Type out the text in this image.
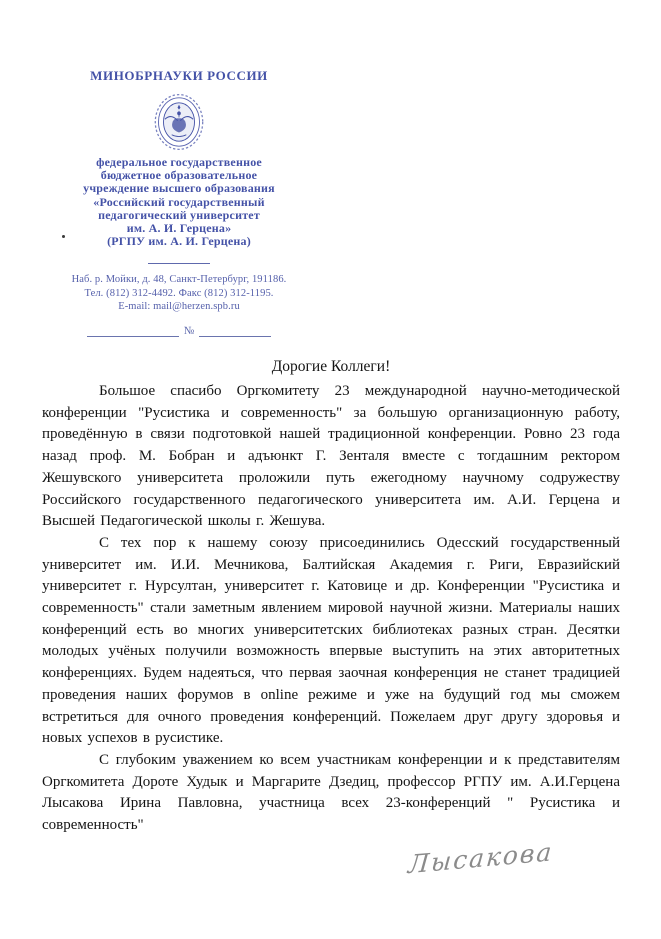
МИНОБРНАУКИ РОССИИ
федеральное государственное
бюджетное образовательное
учреждение высшего образования
«Российский государственный
педагогический университет
им. А. И. Герцена»
(РГПУ им. А. И. Герцена)
Наб. р. Мойки, д. 48, Санкт-Петербург, 191186.
Тел. (812) 312-4492. Факс (812) 312-1195.
E-mail: mail@herzen.spb.ru
№
Дорогие Коллеги!

Большое спасибо Оргкомитету 23 международной научно-методической конференции "Русистика и современность" за большую организационную работу, проведённую в связи подготовкой нашей традиционной конференции. Ровно 23 года назад проф. М. Бобран и адъюнкт Г. Зенталя вместе с тогдашним ректором Жешувского университета проложили путь ежегодному научному содружеству Российского государственного педагогического университета им. А.И. Герцена и Высшей Педагогической школы г. Жешува.

С тех пор к нашему союзу присоединились Одесский государственный университет им. И.И. Мечникова, Балтийская Академия г. Риги, Евразийский университет г. Нурсултан, университет г. Катовице и др. Конференции "Русистика и современность" стали заметным явлением мировой научной жизни. Материалы наших конференций есть во многих университетских библиотеках разных стран. Десятки молодых учёных получили возможность впервые выступить на этих авторитетных конференциях. Будем надеяться, что первая заочная конференция не станет традицией проведения наших форумов в online режиме и уже на будущий год мы сможем встретиться для очного проведения конференций. Пожелаем друг другу здоровья и новых успехов в русистике.

С глубоким уважением ко всем участникам конференции и к представителям Оргкомитета Дороте Худык и Маргарите Дзедиц, профессор РГПУ им. А.И.Герцена Лысакова Ирина Павловна, участница всех 23-конференций " Русистика и современность"

Лысакова
